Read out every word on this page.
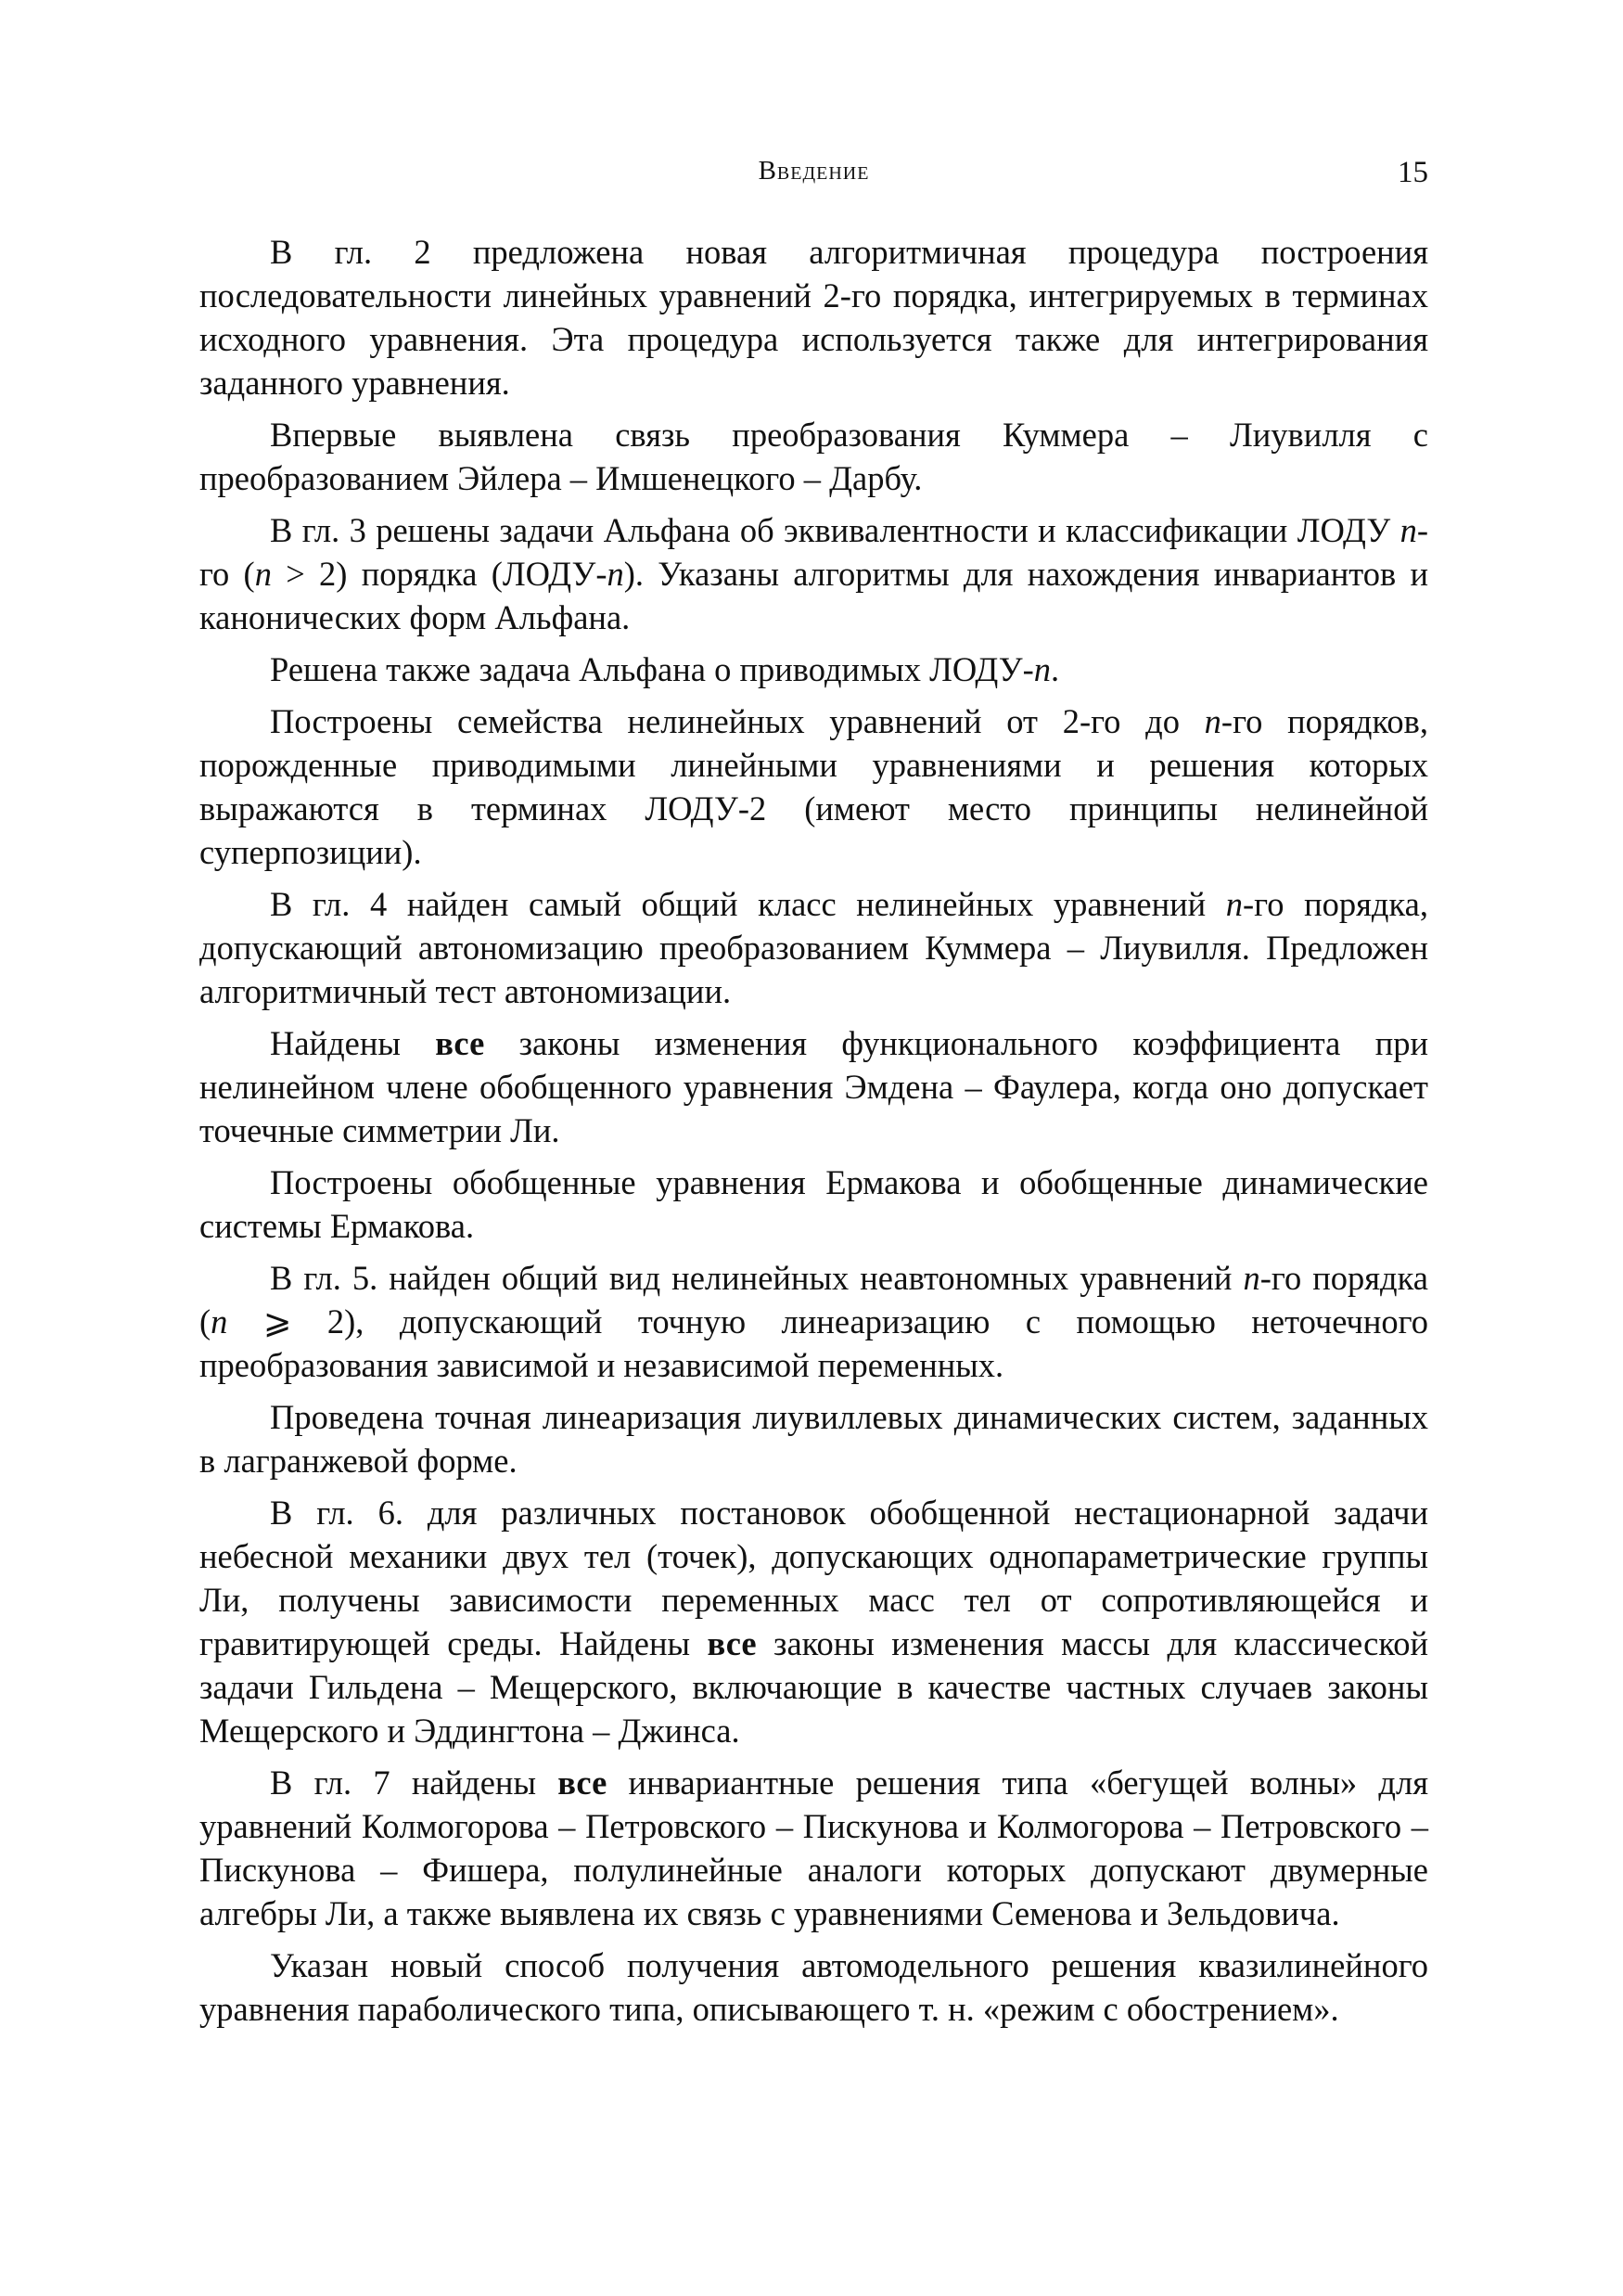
Введение	15

В гл. 2 предложена новая алгоритмичная процедура построения последовательности линейных уравнений 2-го порядка, интегрируемых в терминах исходного уравнения. Эта процедура используется также для интегрирования заданного уравнения.

Впервые выявлена связь преобразования Куммера – Лиувилля с преобразованием Эйлера – Имшенецкого – Дарбу.

В гл. 3 решены задачи Альфана об эквивалентности и классификации ЛОДУ n-го (n > 2) порядка (ЛОДУ-n). Указаны алгоритмы для нахождения инвариантов и канонических форм Альфана.

Решена также задача Альфана о приводимых ЛОДУ-n.

Построены семейства нелинейных уравнений от 2-го до n-го порядков, порожденные приводимыми линейными уравнениями и решения которых выражаются в терминах ЛОДУ-2 (имеют место принципы нелинейной суперпозиции).

В гл. 4 найден самый общий класс нелинейных уравнений n-го порядка, допускающий автономизацию преобразованием Куммера – Лиувилля. Предложен алгоритмичный тест автономизации.

Найдены все законы изменения функционального коэффициента при нелинейном члене обобщенного уравнения Эмдена – Фаулера, когда оно допускает точечные симметрии Ли.

Построены обобщенные уравнения Ермакова и обобщенные динамические системы Ермакова.

В гл. 5. найден общий вид нелинейных неавтономных уравнений n-го порядка (n ⩾ 2), допускающий точную линеаризацию с помощью неточечного преобразования зависимой и независимой переменных.

Проведена точная линеаризация лиувиллевых динамических систем, заданных в лагранжевой форме.

В гл. 6. для различных постановок обобщенной нестационарной задачи небесной механики двух тел (точек), допускающих однопараметрические группы Ли, получены зависимости переменных масс тел от сопротивляющейся и гравитирующей среды. Найдены все законы изменения массы для классической задачи Гильдена – Мещерского, включающие в качестве частных случаев законы Мещерского и Эддингтона – Джинса.

В гл. 7 найдены все инвариантные решения типа «бегущей волны» для уравнений Колмогорова – Петровского – Пискунова и Колмогорова – Петровского – Пискунова – Фишера, полулинейные аналоги которых допускают двумерные алгебры Ли, а также выявлена их связь с уравнениями Семенова и Зельдовича.

Указан новый способ получения автомодельного решения квазилинейного уравнения параболического типа, описывающего т. н. «режим с обострением».
